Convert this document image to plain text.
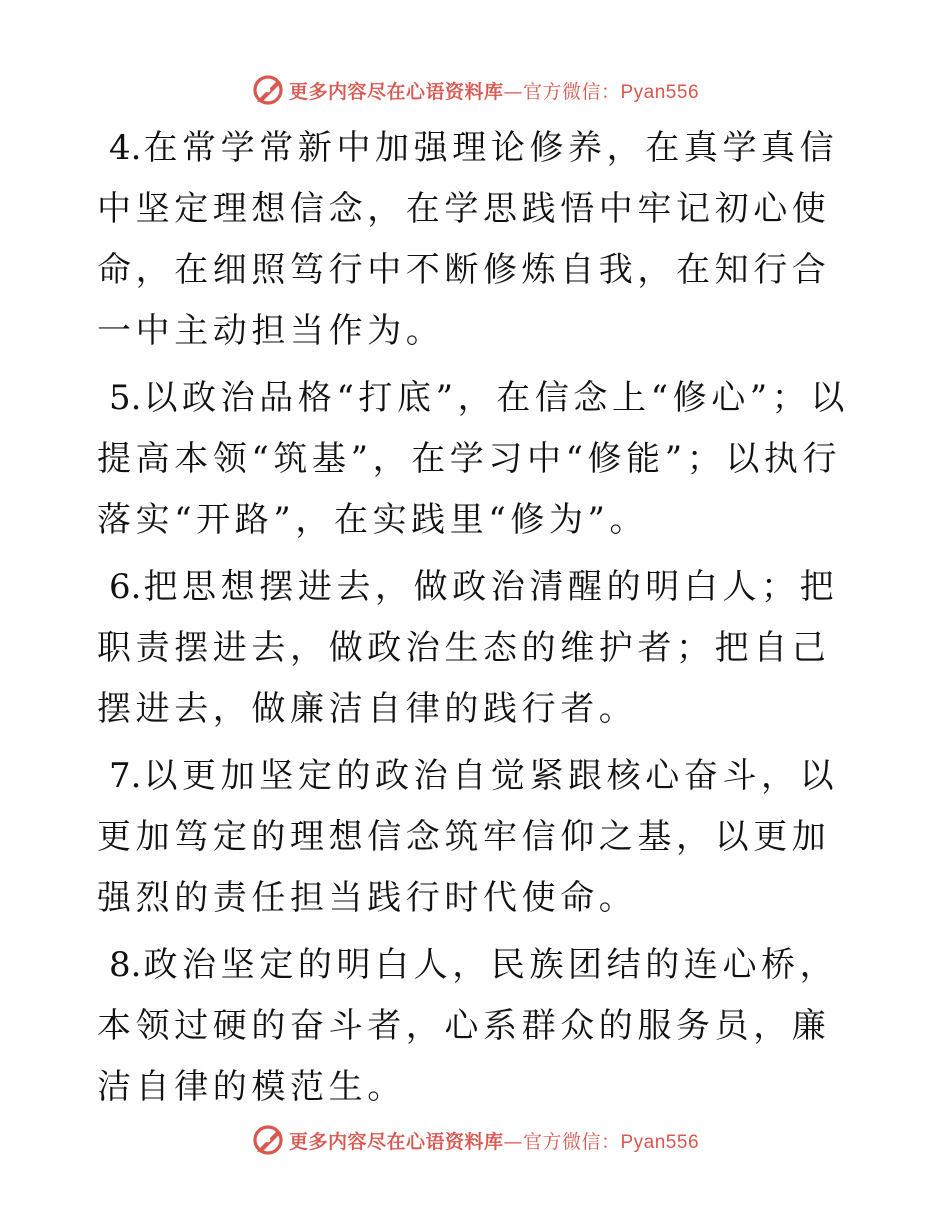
更多内容尽在心语资料库—官方微信：Pyan556

4.在常学常新中加强理论修养，在真学真信中坚定理想信念，在学思践悟中牢记初心使命，在细照笃行中不断修炼自我，在知行合一中主动担当作为。

5.以政治品格“打底”，在信念上“修心”；以提高本领“筑基”，在学习中“修能”；以执行落实“开路”，在实践里“修为”。

6.把思想摆进去，做政治清醒的明白人；把职责摆进去，做政治生态的维护者；把自己摆进去，做廉洁自律的践行者。

7.以更加坚定的政治自觉紧跟核心奋斗，以更加笃定的理想信念筑牢信仰之基，以更加强烈的责任担当践行时代使命。

8.政治坚定的明白人，民族团结的连心桥，本领过硬的奋斗者，心系群众的服务员，廉洁自律的模范生。

更多内容尽在心语资料库—官方微信：Pyan556
